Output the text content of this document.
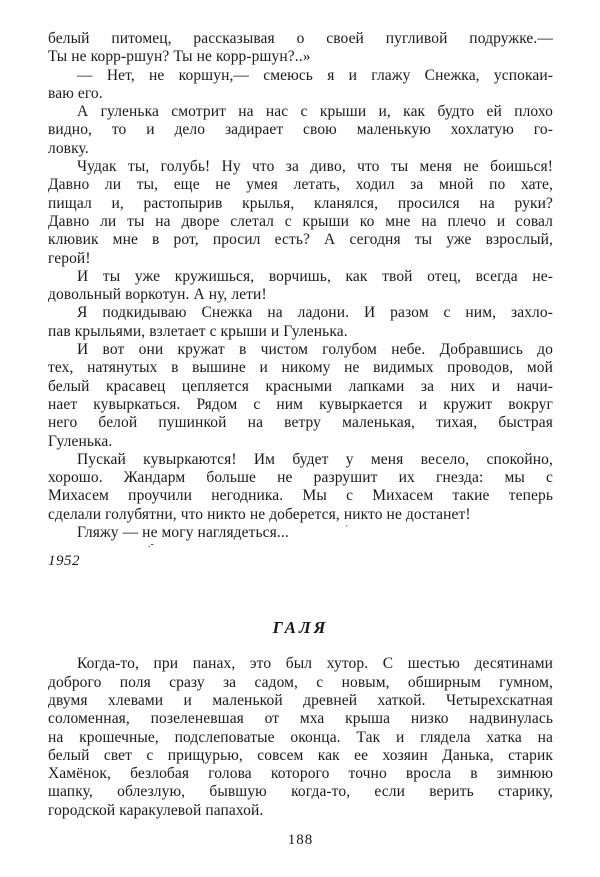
белый питомец, рассказывая о своей пугливой подружке.—
Ты не корр-ршун? Ты не корр-ршун?..»
— Нет, не коршун,— смеюсь я и глажу Снежка, успокаи-
ваю его.
А гуленька смотрит на нас с крыши и, как будто ей плохо
видно, то и дело задирает свою маленькую хохлатую го-
ловку.
Чудак ты, голубь! Ну что за диво, что ты меня не боишься!
Давно ли ты, еще не умея летать, ходил за мной по хате,
пищал и, растопырив крылья, кланялся, просился на руки?
Давно ли ты на дворе слетал с крыши ко мне на плечо и совал
клювик мне в рот, просил есть? А сегодня ты уже взрослый,
герой!
И ты уже кружишься, ворчишь, как твой отец, всегда не-
довольный воркотун. А ну, лети!
Я подкидываю Снежка на ладони. И разом с ним, захло-
пав крыльями, взлетает с крыши и Гуленька.
И вот они кружат в чистом голубом небе. Добравшись до
тех, натянутых в вышине и никому не видимых проводов, мой
белый красавец цепляется красными лапками за них и начи-
нает кувыркаться. Рядом с ним кувыркается и кружит вокруг
него белой пушинкой на ветру маленькая, тихая, быстрая
Гуленька.
Пускай кувыркаются! Им будет у меня весело, спокойно,
хорошо. Жандарм больше не разрушит их гнезда: мы с
Михасем проучили негодника. Мы с Михасем такие теперь
сделали голубятни, что никто не доберется, никто не достанет!
Гляжу — не могу наглядеться...
1952
ГАЛЯ
Когда-то, при панах, это был хутор. С шестью десятинами
доброго поля сразу за садом, с новым, обширным гумном,
двумя хлевами и маленькой древней хаткой. Четырехскатная
соломенная, позеленевшая от мха крыша низко надвинулась
на крошечные, подслеповатые оконца. Так и глядела хатка на
белый свет с прищурью, совсем как ее хозяин Данька, старик
Хамёнок, безлобая голова которого точно вросла в зимнюю
шапку, облезлую, бывшую когда-то, если верить старику,
городской каракулевой папахой.
188
`
.-
